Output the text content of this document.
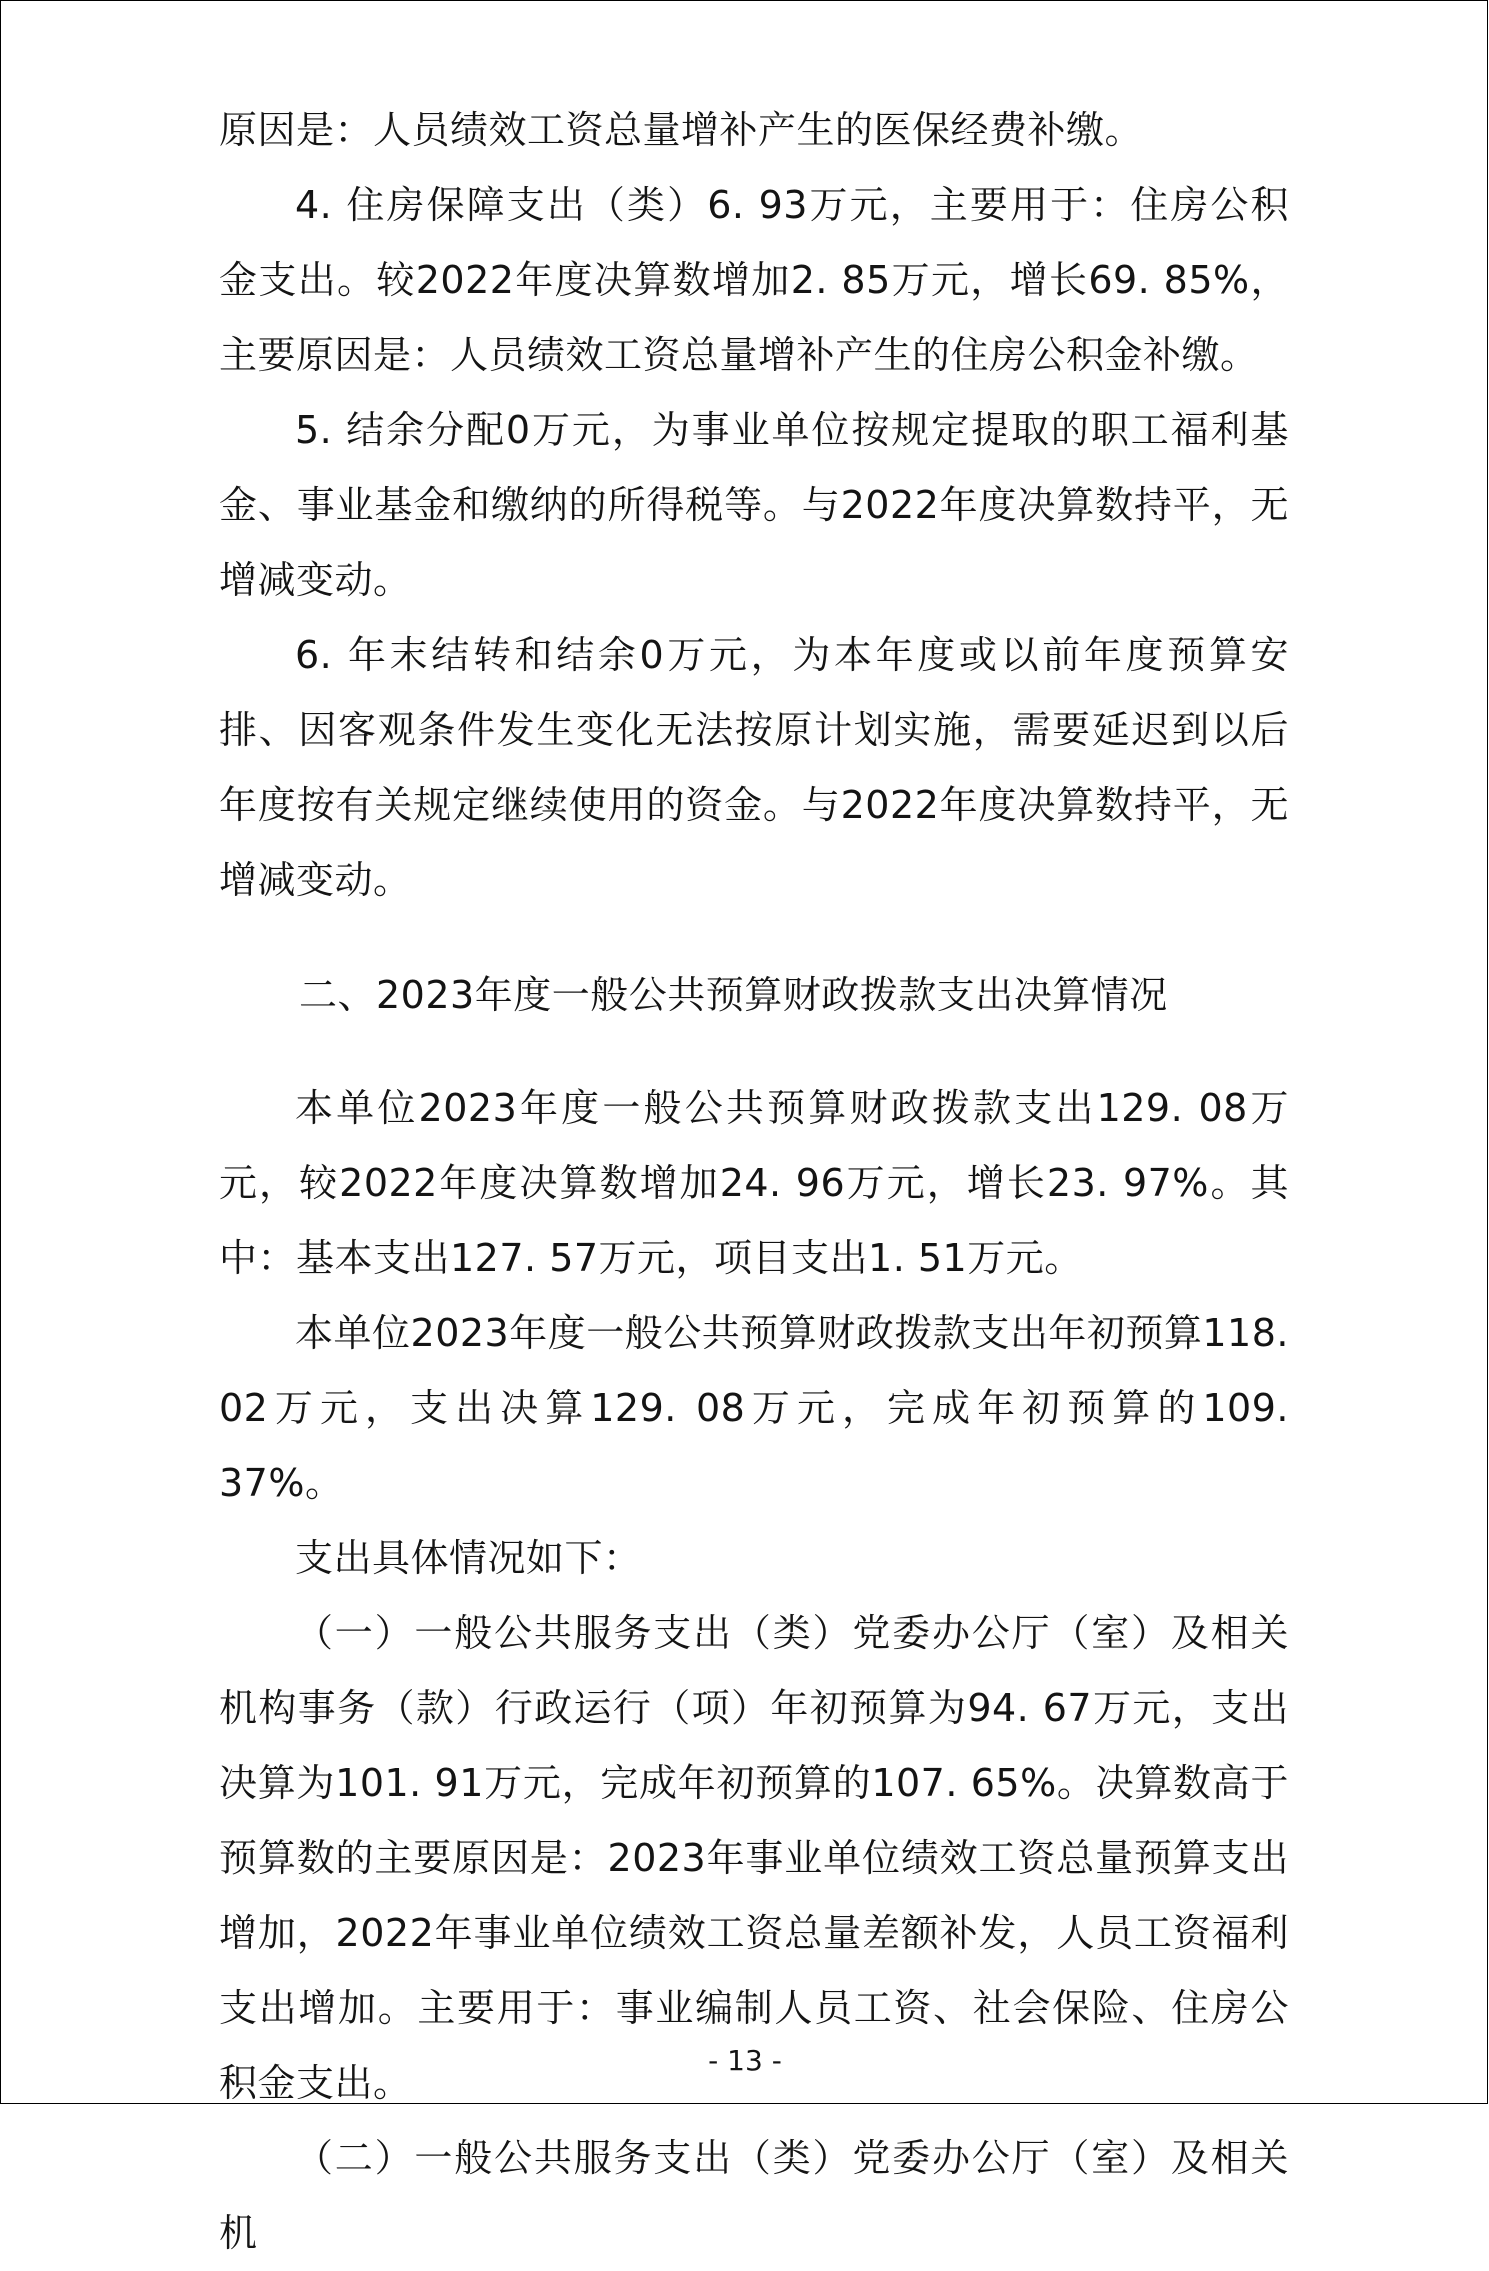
原因是：人员绩效工资总量增补产生的医保经费补缴。

4. 住房保障支出（类）6. 93万元，主要用于：住房公积金支出。较2022年度决算数增加2. 85万元，增长69. 85%，主要原因是：人员绩效工资总量增补产生的住房公积金补缴。

5. 结余分配0万元，为事业单位按规定提取的职工福利基金、事业基金和缴纳的所得税等。与2022年度决算数持平，无增减变动。

6. 年末结转和结余0万元，为本年度或以前年度预算安排、因客观条件发生变化无法按原计划实施，需要延迟到以后年度按有关规定继续使用的资金。与2022年度决算数持平，无增减变动。

二、2023年度一般公共预算财政拨款支出决算情况

本单位2023年度一般公共预算财政拨款支出129. 08万元，较2022年度决算数增加24. 96万元，增长23. 97%。其中：基本支出127. 57万元，项目支出1. 51万元。

本单位2023年度一般公共预算财政拨款支出年初预算118. 02万元，支出决算129. 08万元，完成年初预算的109. 37%。

支出具体情况如下：

（一）一般公共服务支出（类）党委办公厅（室）及相关机构事务（款）行政运行（项）年初预算为94. 67万元，支出决算为101. 91万元，完成年初预算的107. 65%。决算数高于预算数的主要原因是：2023年事业单位绩效工资总量预算支出增加，2022年事业单位绩效工资总量差额补发，人员工资福利支出增加。主要用于：事业编制人员工资、社会保险、住房公积金支出。

（二）一般公共服务支出（类）党委办公厅（室）及相关机

- 13 -
